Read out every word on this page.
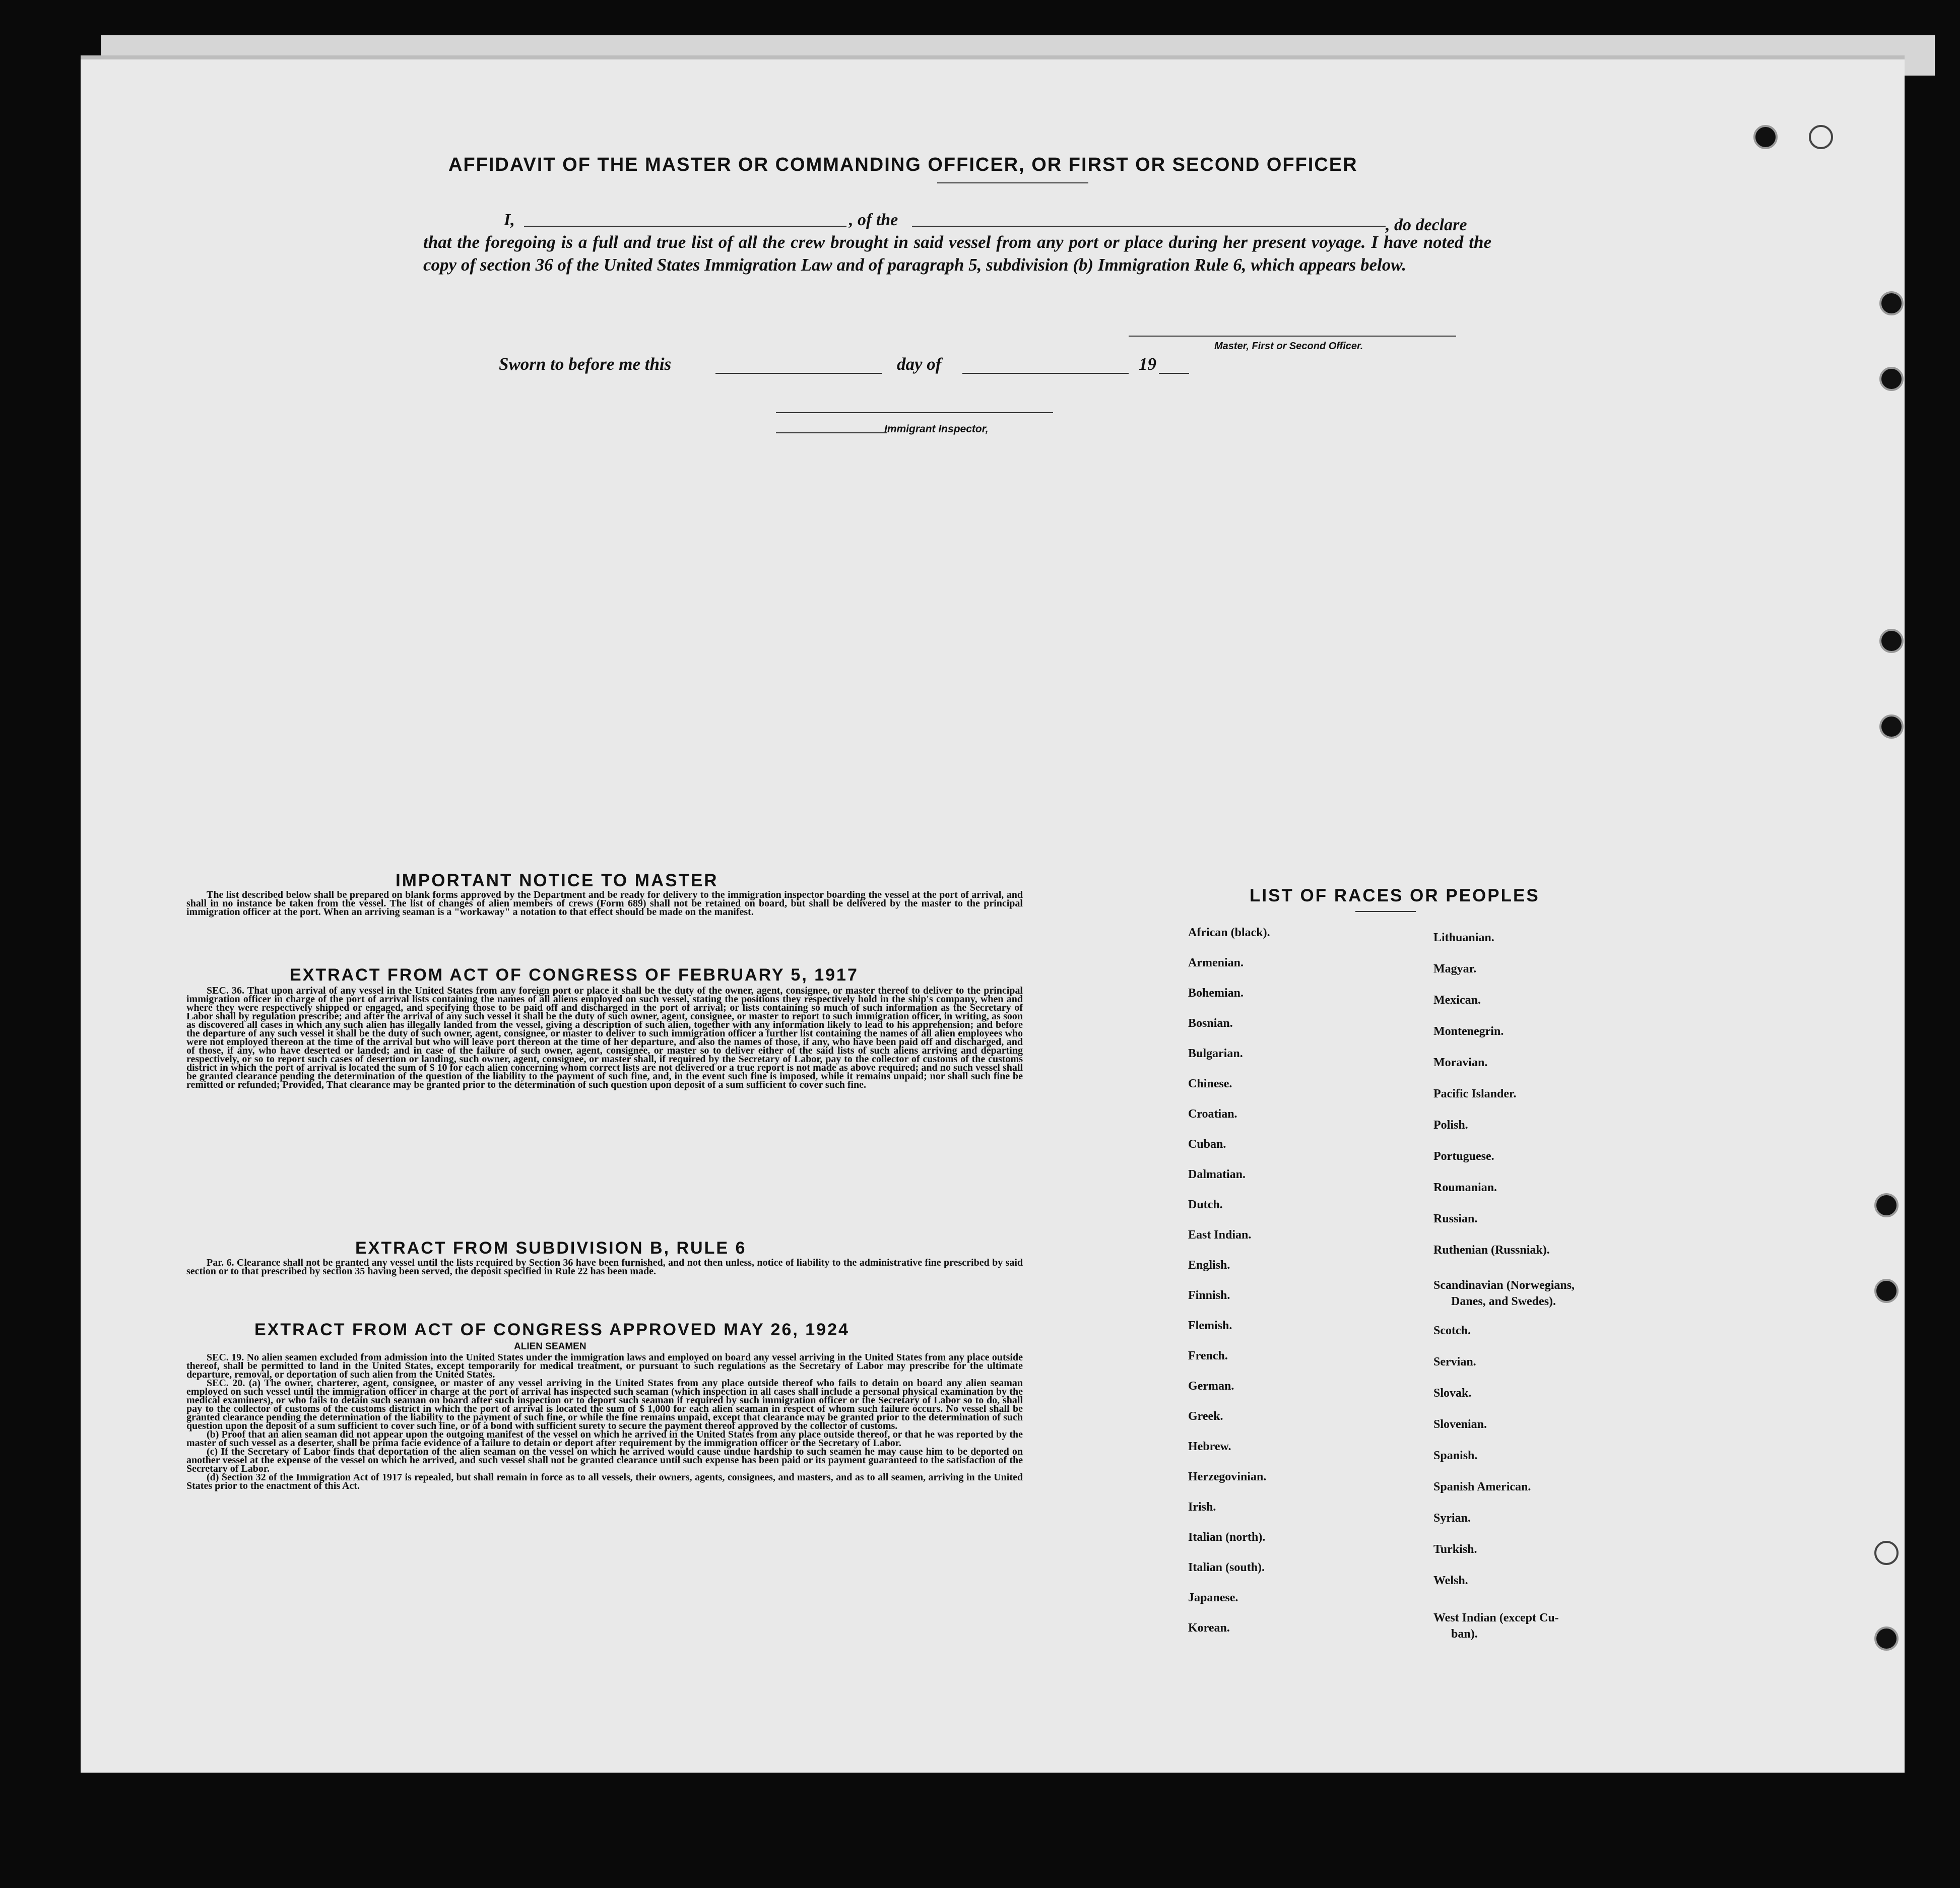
AFFIDAVIT OF THE MASTER OR COMMANDING OFFICER, OR FIRST OR SECOND OFFICER
I,	, of the	, do declare
that the foregoing is a full and true list of all the crew brought in said vessel from any port or place during her present voyage. I have noted the copy of section 36 of the United States Immigration Law and of paragraph 5, subdivision (b) Immigration Rule 6, which appears below.
Master, First or Second Officer.
Sworn to before me this	day of	19
Immigrant Inspector,
IMPORTANT NOTICE TO MASTER
The list described below shall be prepared on blank forms approved by the Department and be ready for delivery to the immigration inspector boarding the vessel at the port of arrival, and shall in no instance be taken from the vessel. The list of changes of alien members of crews (Form 689) shall not be retained on board, but shall be delivered by the master to the principal immigration officer at the port. When an arriving seaman is a "workaway" a notation to that effect should be made on the manifest.
EXTRACT FROM ACT OF CONGRESS OF FEBRUARY 5, 1917
SEC. 36. That upon arrival of any vessel in the United States from any foreign port or place it shall be the duty of the owner, agent, consignee, or master thereof to deliver to the principal immigration officer in charge of the port of arrival lists containing the names of all aliens employed on such vessel, stating the positions they respectively hold in the ship's company, when and where they were respectively shipped or engaged, and specifying those to be paid off and discharged in the port of arrival; or lists containing so much of such information as the Secretary of Labor shall by regulation prescribe; and after the arrival of any such vessel it shall be the duty of such owner, agent, consignee, or master to report to such immigration officer, in writing, as soon as discovered all cases in which any such alien has illegally landed from the vessel, giving a description of such alien, together with any information likely to lead to his apprehension; and before the departure of any such vessel it shall be the duty of such owner, agent, consignee, or master to deliver to such immigration officer a further list containing the names of all alien employees who were not employed thereon at the time of the arrival but who will leave port thereon at the time of her departure, and also the names of those, if any, who have been paid off and discharged, and of those, if any, who have deserted or landed; and in case of the failure of such owner, agent, consignee, or master so to deliver either of the said lists of such aliens arriving and departing respectively, or so to report such cases of desertion or landing, such owner, agent, consignee, or master shall, if required by the Secretary of Labor, pay to the collector of customs of the customs district in which the port of arrival is located the sum of $ 10 for each alien concerning whom correct lists are not delivered or a true report is not made as above required; and no such vessel shall be granted clearance pending the determination of the question of the liability to the payment of such fine, and, in the event such fine is imposed, while it remains unpaid; nor shall such fine be remitted or refunded; Provided, That clearance may be granted prior to the determination of such question upon deposit of a sum sufficient to cover such fine.
EXTRACT FROM SUBDIVISION B, RULE 6
Par. 6. Clearance shall not be granted any vessel until the lists required by Section 36 have been furnished, and not then unless, notice of liability to the administrative fine prescribed by said section or to that prescribed by section 35 having been served, the deposit specified in Rule 22 has been made.
EXTRACT FROM ACT OF CONGRESS APPROVED MAY 26, 1924
ALIEN SEAMEN
SEC. 19. No alien seamen excluded from admission into the United States under the immigration laws and employed on board any vessel arriving in the United States from any place outside thereof, shall be permitted to land in the United States, except temporarily for medical treatment, or pursuant to such regulations as the Secretary of Labor may prescribe for the ultimate departure, removal, or deportation of such alien from the United States.
SEC. 20. (a) The owner, charterer, agent, consignee, or master of any vessel arriving in the United States from any place outside thereof who fails to detain on board any alien seaman employed on such vessel until the immigration officer in charge at the port of arrival has inspected such seaman (which inspection in all cases shall include a personal physical examination by the medical examiners), or who fails to detain such seaman on board after such inspection or to deport such seaman if required by such immigration officer or the Secretary of Labor so to do, shall pay to the collector of customs of the customs district in which the port of arrival is located the sum of $ 1,000 for each alien seaman in respect of whom such failure occurs. No vessel shall be granted clearance pending the determination of the liability to the payment of such fine, or while the fine remains unpaid, except that clearance may be granted prior to the determination of such question upon the deposit of a sum sufficient to cover such fine, or of a bond with sufficient surety to secure the payment thereof approved by the collector of customs.
(b) Proof that an alien seaman did not appear upon the outgoing manifest of the vessel on which he arrived in the United States from any place outside thereof, or that he was reported by the master of such vessel as a deserter, shall be prima facie evidence of a failure to detain or deport after requirement by the immigration officer or the Secretary of Labor.
(c) If the Secretary of Labor finds that deportation of the alien seaman on the vessel on which he arrived would cause undue hardship to such seamen he may cause him to be deported on another vessel at the expense of the vessel on which he arrived, and such vessel shall not be granted clearance until such expense has been paid or its payment guaranteed to the satisfaction of the Secretary of Labor.
(d) Section 32 of the Immigration Act of 1917 is repealed, but shall remain in force as to all vessels, their owners, agents, consignees, and masters, and as to all seamen, arriving in the United States prior to the enactment of this Act.
LIST OF RACES OR PEOPLES
African (black).
Armenian.
Bohemian.
Bosnian.
Bulgarian.
Chinese.
Croatian.
Cuban.
Dalmatian.
Dutch.
East Indian.
English.
Finnish.
Flemish.
French.
German.
Greek.
Hebrew.
Herzegovinian.
Irish.
Italian (north).
Italian (south).
Japanese.
Korean.
Lithuanian.
Magyar.
Mexican.
Montenegrin.
Moravian.
Pacific Islander.
Polish.
Portuguese.
Roumanian.
Russian.
Ruthenian (Russniak).
Scandinavian (Norwegians,
Danes, and Swedes).
Scotch.
Servian.
Slovak.
Slovenian.
Spanish.
Spanish American.
Syrian.
Turkish.
Welsh.
West Indian (except Cu-
ban).
